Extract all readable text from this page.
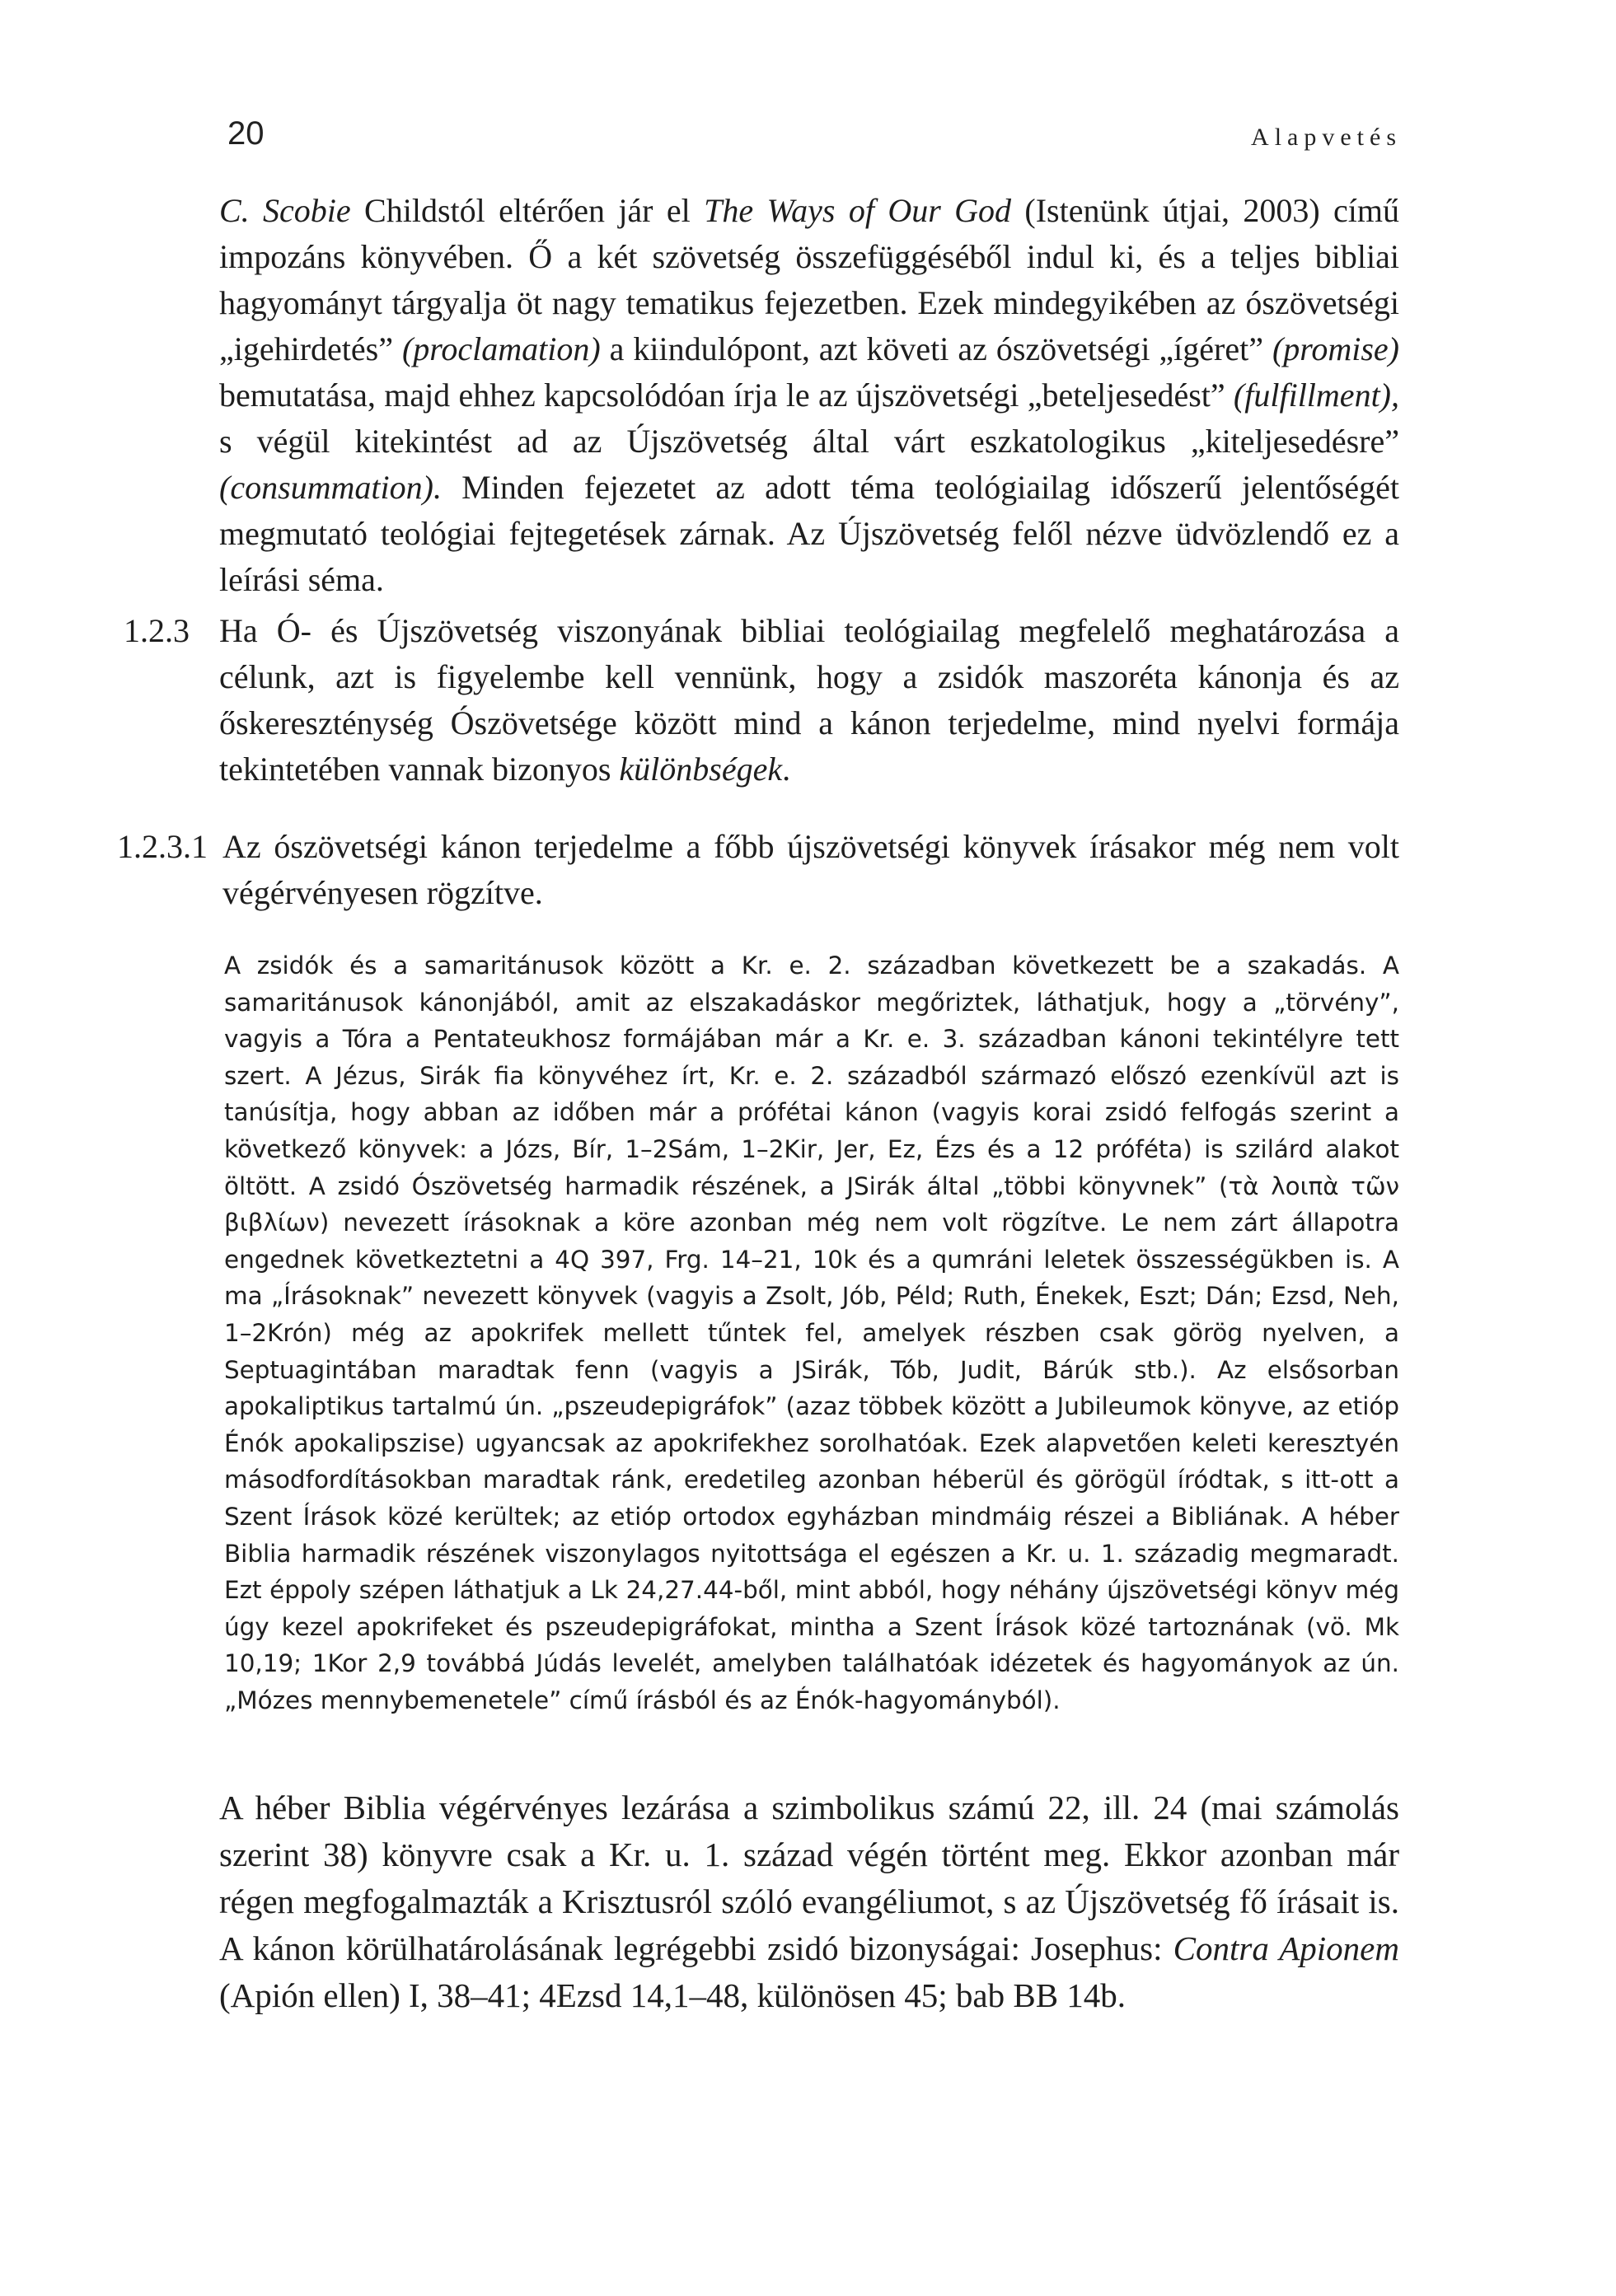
20	Alapvetés
C. Scobie Childstól eltérően jár el The Ways of Our God (Istenünk útjai, 2003) című impozáns könyvében. Ő a két szövetség összefüggéséből indul ki, és a teljes bibliai hagyományt tárgyalja öt nagy tematikus fejezetben. Ezek mindegyikében az ószövetségi „igehirdetés” (proclamation) a kiindulópont, azt követi az ószövetségi „ígéret” (promise) bemutatása, majd ehhez kapcsolódóan írja le az újszövetségi „beteljesedést” (fulfillment), s végül kitekintést ad az Újszövetség által várt eszkatologikus „kiteljesedésre” (consummation). Minden fejezetet az adott téma teológiailag időszerű jelentőségét megmutató teológiai fejtegetések zárnak. Az Újszövetség felől nézve üdvözlendő ez a leírási séma.
1.2.3 Ha Ó- és Újszövetség viszonyának bibliai teológiailag megfelelő meghatározása a célunk, azt is figyelembe kell vennünk, hogy a zsidók maszoréta kánonja és az őskereszténység Ószövetsége között mind a kánon terjedelme, mind nyelvi formája tekintetében vannak bizonyos különbségek.
1.2.3.1 Az ószövetségi kánon terjedelme a főbb újszövetségi könyvek írásakor még nem volt végérvényesen rögzítve.
A zsidók és a samaritánusok között a Kr. e. 2. században következett be a szakadás. A samaritánusok kánonjából, amit az elszakadáskor megőriztek, láthatjuk, hogy a „törvény”, vagyis a Tóra a Pentateukhosz formájában már a Kr. e. 3. században kánoni tekintélyre tett szert. A Jézus, Sirák fia könyvéhez írt, Kr. e. 2. századból származó előszó ezenkívül azt is tanúsítja, hogy abban az időben már a prófétai kánon (vagyis korai zsidó felfogás szerint a következő könyvek: a Józs, Bír, 1–2Sám, 1–2Kir, Jer, Ez, Ézs és a 12 próféta) is szilárd alakot öltött. A zsidó Ószövetség harmadik részének, a JSirák által „többi könyvnek” (τὰ λοιπὰ τῶν βιβλίων) nevezett írásoknak a köre azonban még nem volt rögzítve. Le nem zárt állapotra engednek következtetni a 4Q 397, Frg. 14–21, 10k és a qumráni leletek összességükben is. A ma „Írásoknak” nevezett könyvek (vagyis a Zsolt, Jób, Péld; Ruth, Énekek, Eszt; Dán; Ezsd, Neh, 1–2Krón) még az apokrifek mellett tűntek fel, amelyek részben csak görög nyelven, a Septuagintában maradtak fenn (vagyis a JSirák, Tób, Judit, Bárúk stb.). Az elsősorban apokaliptikus tartalmú ún. „pszeudepigráfok” (azaz többek között a Jubileumok könyve, az etióp Énók apokalipszise) ugyancsak az apokrifekhez sorolhatóak. Ezek alapvetően keleti keresztyén másodfordításokban maradtak ránk, eredetileg azonban héberül és görögül íródtak, s itt-ott a Szent Írások közé kerültek; az etióp ortodox egyházban mindmáig részei a Bibliának. A héber Biblia harmadik részének viszonylagos nyitottsága el egészen a Kr. u. 1. századig megmaradt. Ezt éppoly szépen láthatjuk a Lk 24,27.44-ből, mint abból, hogy néhány újszövetségi könyv még úgy kezel apokrifeket és pszeudepigráfokat, mintha a Szent Írások közé tartoznának (vö. Mk 10,19; 1Kor 2,9 továbbá Júdás levelét, amelyben találhatóak idézetek és hagyományok az ún. „Mózes mennybemenetele” című írásból és az Énók-hagyományból).
A héber Biblia végérvényes lezárása a szimbolikus számú 22, ill. 24 (mai számolás szerint 38) könyvre csak a Kr. u. 1. század végén történt meg. Ekkor azonban már régen megfogalmazták a Krisztusról szóló evangéliumot, s az Újszövetség fő írásait is. A kánon körülhatárolásának legrégebbi zsidó bizonyságai: Josephus: Contra Apionem (Apión ellen) I, 38–41; 4Ezsd 14,1–48, különösen 45; bab BB 14b.
